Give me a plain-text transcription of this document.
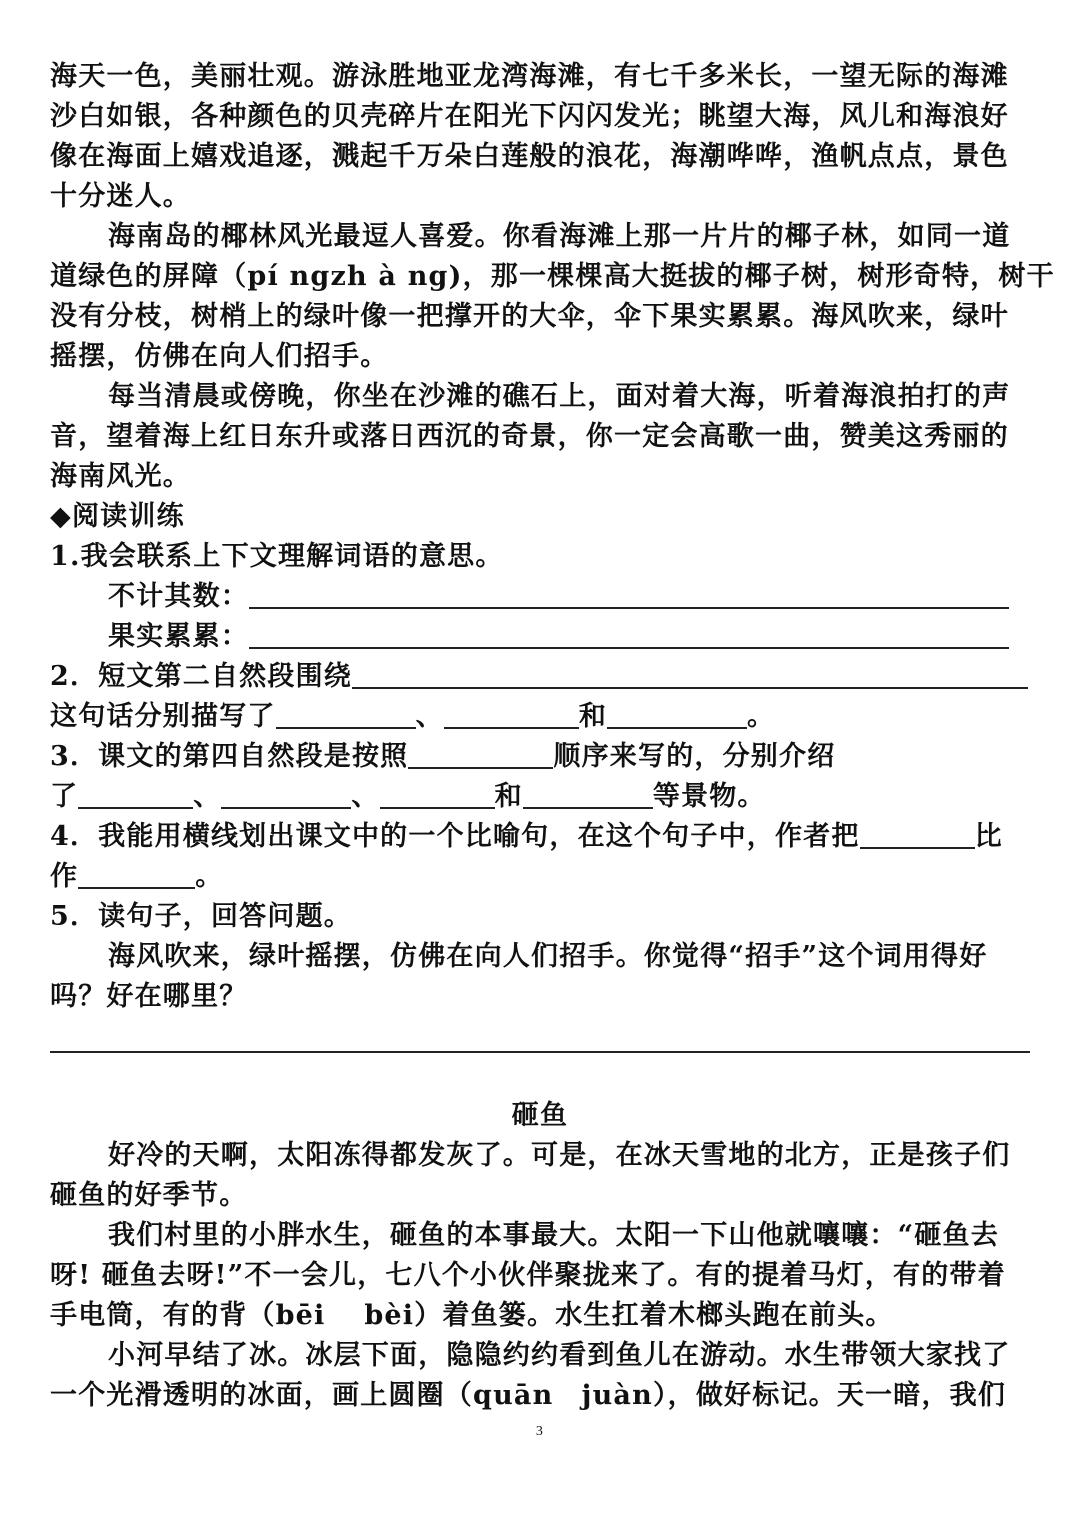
海天一色，美丽壮观。游泳胜地亚龙湾海滩，有七千多米长，一望无际的海滩
沙白如银，各种颜色的贝壳碎片在阳光下闪闪发光；眺望大海，风儿和海浪好
像在海面上嬉戏追逐，溅起千万朵白莲般的浪花，海潮哗哗，渔帆点点，景色
十分迷人。
海南岛的椰林风光最逗人喜爱。你看海滩上那一片片的椰子林，如同一道
道绿色的屏障（pí ngzh à ng)，那一棵棵高大挺拔的椰子树，树形奇特，树干
没有分枝，树梢上的绿叶像一把撑开的大伞，伞下果实累累。海风吹来，绿叶
摇摆，仿佛在向人们招手。
每当清晨或傍晚，你坐在沙滩的礁石上，面对着大海，听着海浪拍打的声
音，望着海上红日东升或落日西沉的奇景，你一定会高歌一曲，赞美这秀丽的
海南风光。
◆阅读训练
1.我会联系上下文理解词语的意思。
不计其数：
果实累累：
2．短文第二自然段围绕
这句话分别描写了	、	和	。
3．课文的第四自然段是按照	顺序来写的，分别介绍
了	、	、	和	等景物。
4．我能用横线划出课文中的一个比喻句，在这个句子中，作者把	比
作	。
5．读句子，回答问题。
海风吹来，绿叶摇摆，仿佛在向人们招手。你觉得“招手”这个词用得好
吗？好在哪里？
砸鱼
好冷的天啊，太阳冻得都发灰了。可是，在冰天雪地的北方，正是孩子们
砸鱼的好季节。
我们村里的小胖水生，砸鱼的本事最大。太阳一下山他就嚷嚷：“砸鱼去
呀! 砸鱼去呀!”不一会儿，七八个小伙伴聚拢来了。有的提着马灯，有的带着
手电筒，有的背（bēi　 bèi）着鱼篓。水生扛着木榔头跑在前头。
小河早结了冰。冰层下面，隐隐约约看到鱼儿在游动。水生带领大家找了
一个光滑透明的冰面，画上圆圈（quān　juàn），做好标记。天一暗，我们
3
